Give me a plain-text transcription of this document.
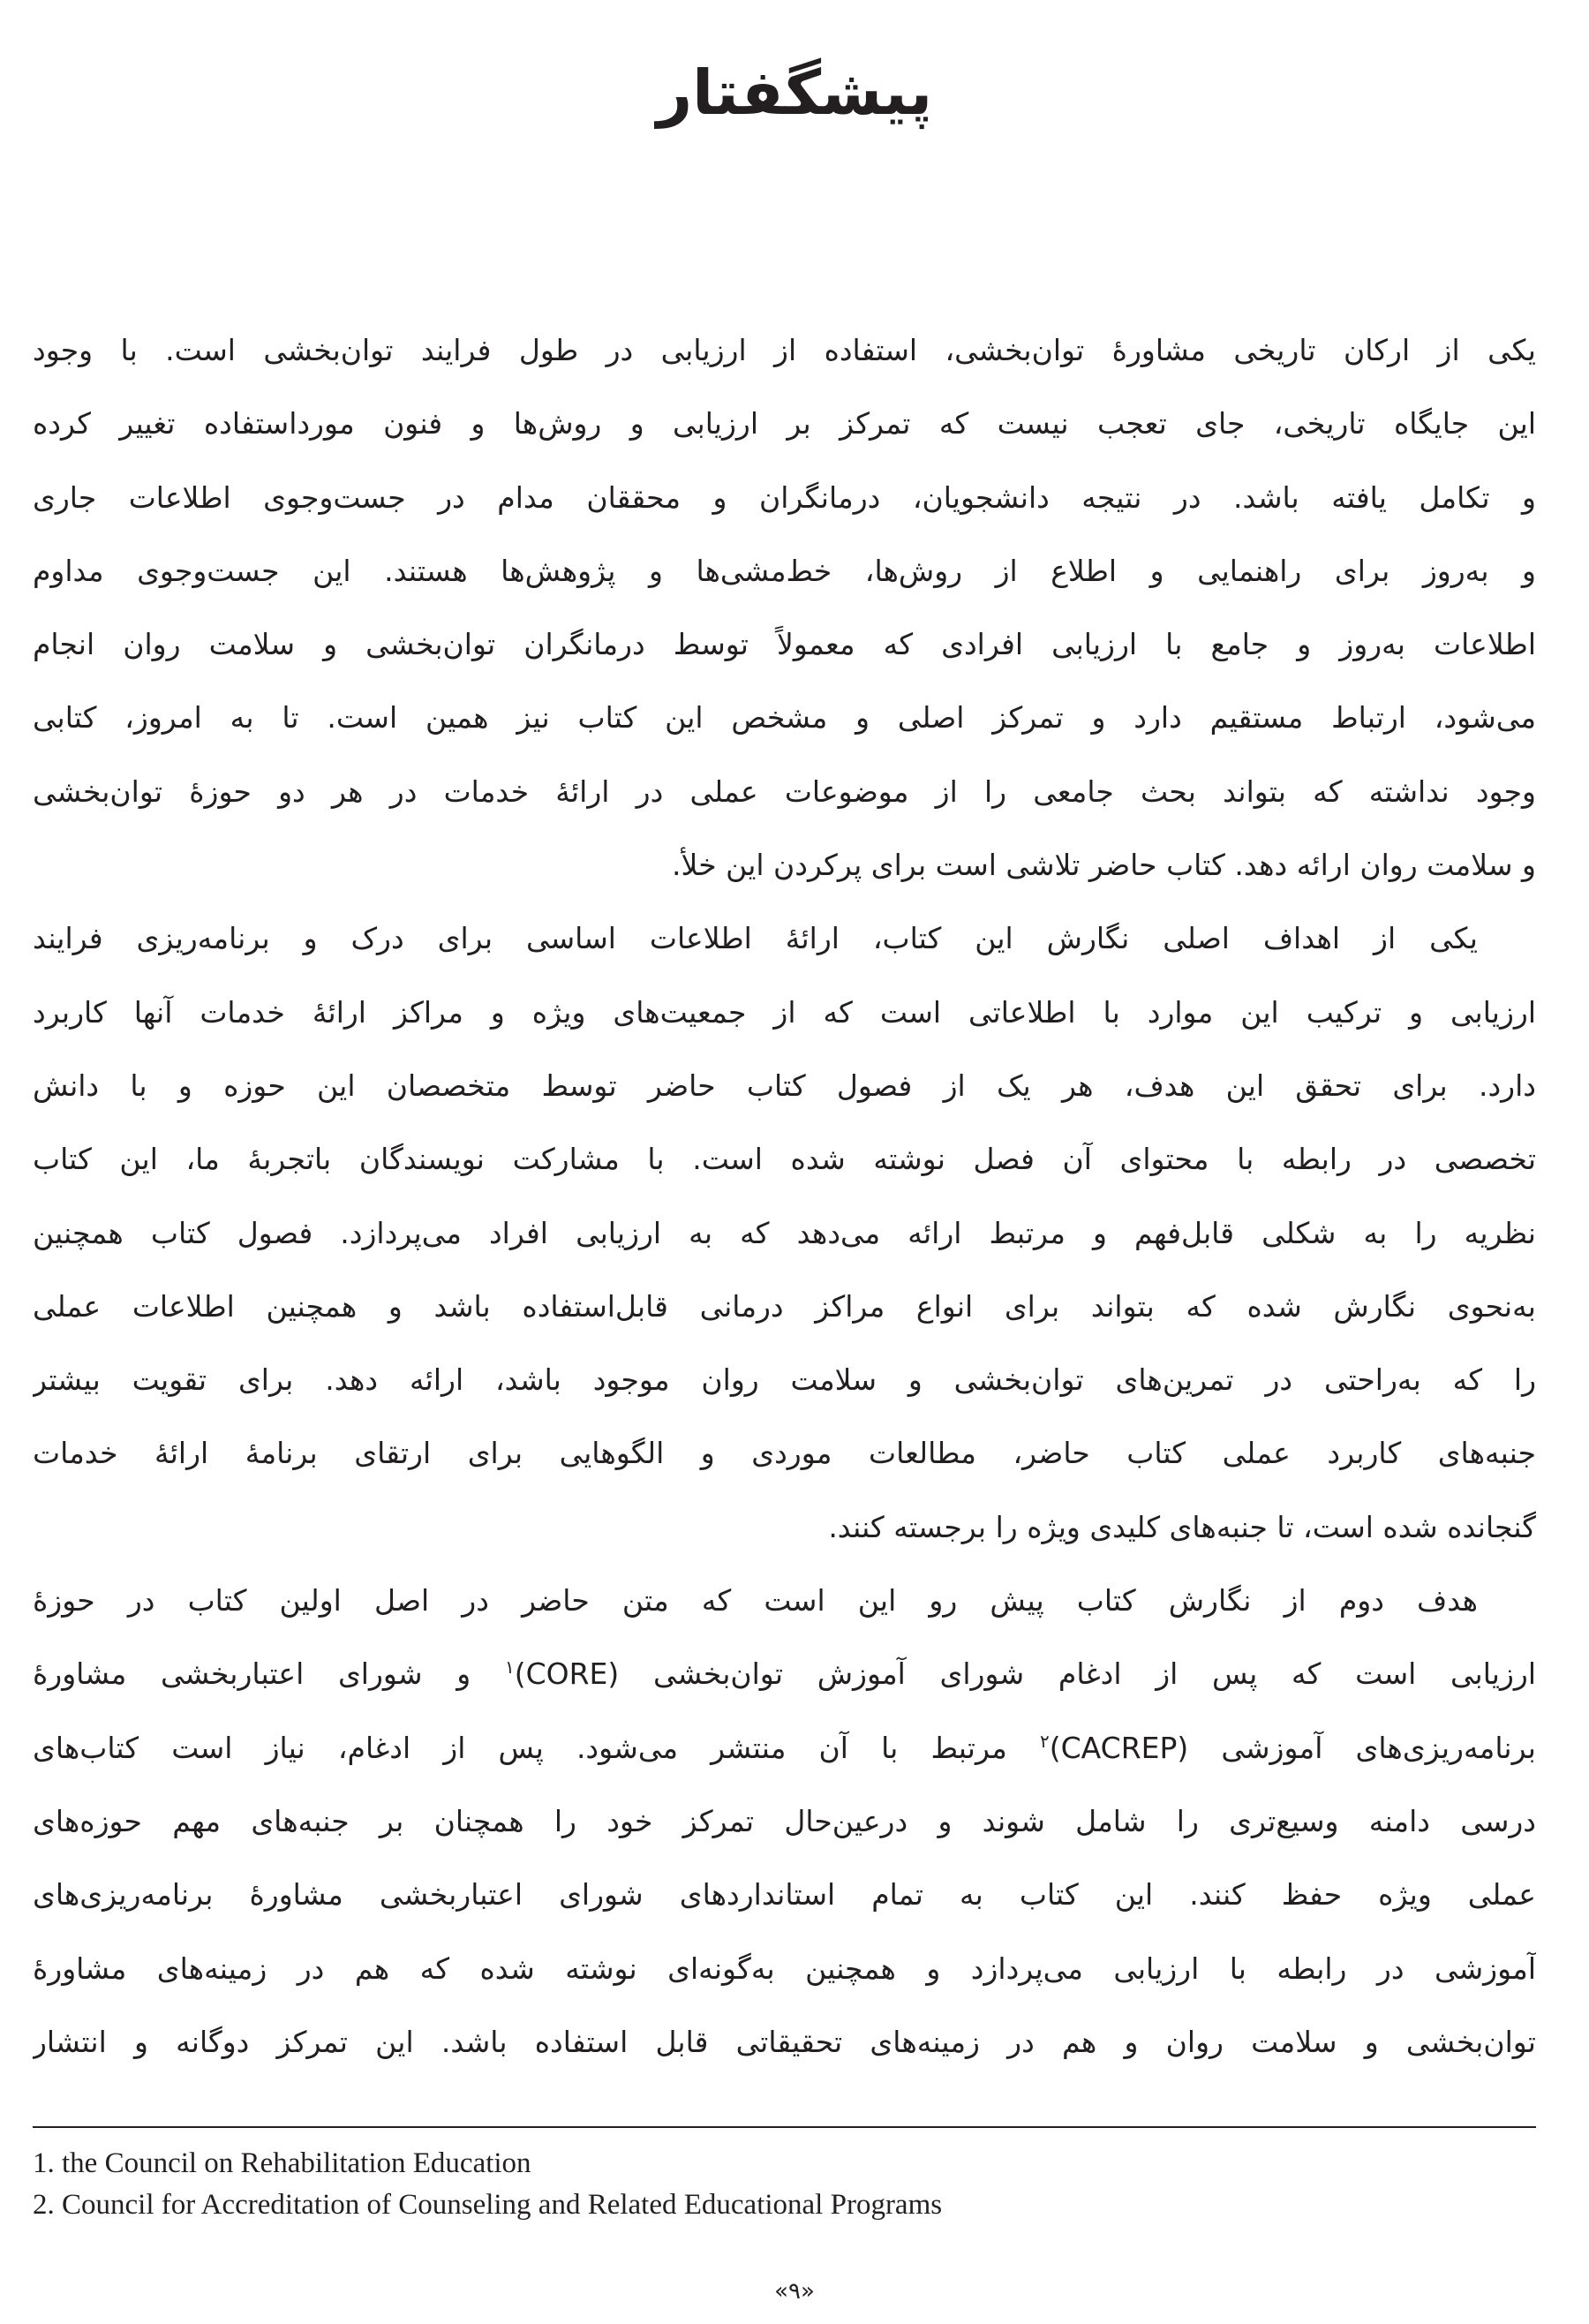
پیشگفتار
یکی از ارکان تاریخی مشاورهٔ توان‌بخشی، استفاده از ارزیابی در طول فرایند توان‌بخشی است. با وجود
این جایگاه تاریخی، جای تعجب نیست که تمرکز بر ارزیابی و روش‌ها و فنون مورداستفاده تغییر کرده
و تکامل یافته باشد. در نتیجه دانشجویان، درمانگران و محققان مدام در جست‌وجوی اطلاعات جاری
و به‌روز برای راهنمایی و اطلاع از روش‌ها، خط‌مشی‌ها و پژوهش‌ها هستند. این جست‌وجوی مداوم
اطلاعات به‌روز و جامع با ارزیابی افرادی که معمولاً توسط درمانگران توان‌بخشی و سلامت روان انجام
می‌شود، ارتباط مستقیم دارد و تمرکز اصلی و مشخص این کتاب نیز همین است. تا به امروز، کتابی
وجود نداشته که بتواند بحث جامعی را از موضوعات عملی در ارائهٔ خدمات در هر دو حوزهٔ توان‌بخشی
و سلامت روان ارائه دهد. کتاب حاضر تلاشی است برای پرکردن این خلأ.
یکی از اهداف اصلی نگارش این کتاب، ارائهٔ اطلاعات اساسی برای درک و برنامه‌ریزی فرایند
ارزیابی و ترکیب این موارد با اطلاعاتی است که از جمعیت‌های ویژه و مراکز ارائهٔ خدمات آنها کاربرد
دارد. برای تحقق این هدف، هر یک از فصول کتاب حاضر توسط متخصصان این حوزه و با دانش
تخصصی در رابطه با محتوای آن فصل نوشته شده است. با مشارکت نویسندگان باتجربهٔ ما، این کتاب
نظریه را به شکلی قابل‌فهم و مرتبط ارائه می‌دهد که به ارزیابی افراد می‌پردازد. فصول کتاب همچنین
به‌نحوی نگارش شده که بتواند برای انواع مراکز درمانی قابل‌استفاده باشد و همچنین اطلاعات عملی
را که به‌راحتی در تمرین‌های توان‌بخشی و سلامت روان موجود باشد، ارائه دهد. برای تقویت بیشتر
جنبه‌های کاربرد عملی کتاب حاضر، مطالعات موردی و الگوهایی برای ارتقای برنامهٔ ارائهٔ خدمات
گنجانده شده است، تا جنبه‌های کلیدی ویژه را برجسته کنند.
هدف دوم از نگارش کتاب پیش رو این است که متن حاضر در اصل اولین کتاب در حوزهٔ
ارزیابی است که پس از ادغام شورای آموزش توان‌بخشی (CORE)$^۱$ و شورای اعتباربخشی مشاورهٔ
برنامه‌ریزی‌های آموزشی (CACREP)$^۲$ مرتبط با آن منتشر می‌شود. پس از ادغام، نیاز است کتاب‌های
درسی دامنه وسیع‌تری را شامل شوند و درعین‌حال تمرکز خود را همچنان بر جنبه‌های مهم حوزه‌های
عملی ویژه حفظ کنند. این کتاب به تمام استانداردهای شورای اعتباربخشی مشاورهٔ برنامه‌ریزی‌های
آموزشی در رابطه با ارزیابی می‌پردازد و همچنین به‌گونه‌ای نوشته شده که هم در زمینه‌های مشاورهٔ
توان‌بخشی و سلامت روان و هم در زمینه‌های تحقیقاتی قابل استفاده باشد. این تمرکز دوگانه و انتشار
1. the Council on Rehabilitation Education
2. Council for Accreditation of Counseling and Related Educational Programs
«۹»
